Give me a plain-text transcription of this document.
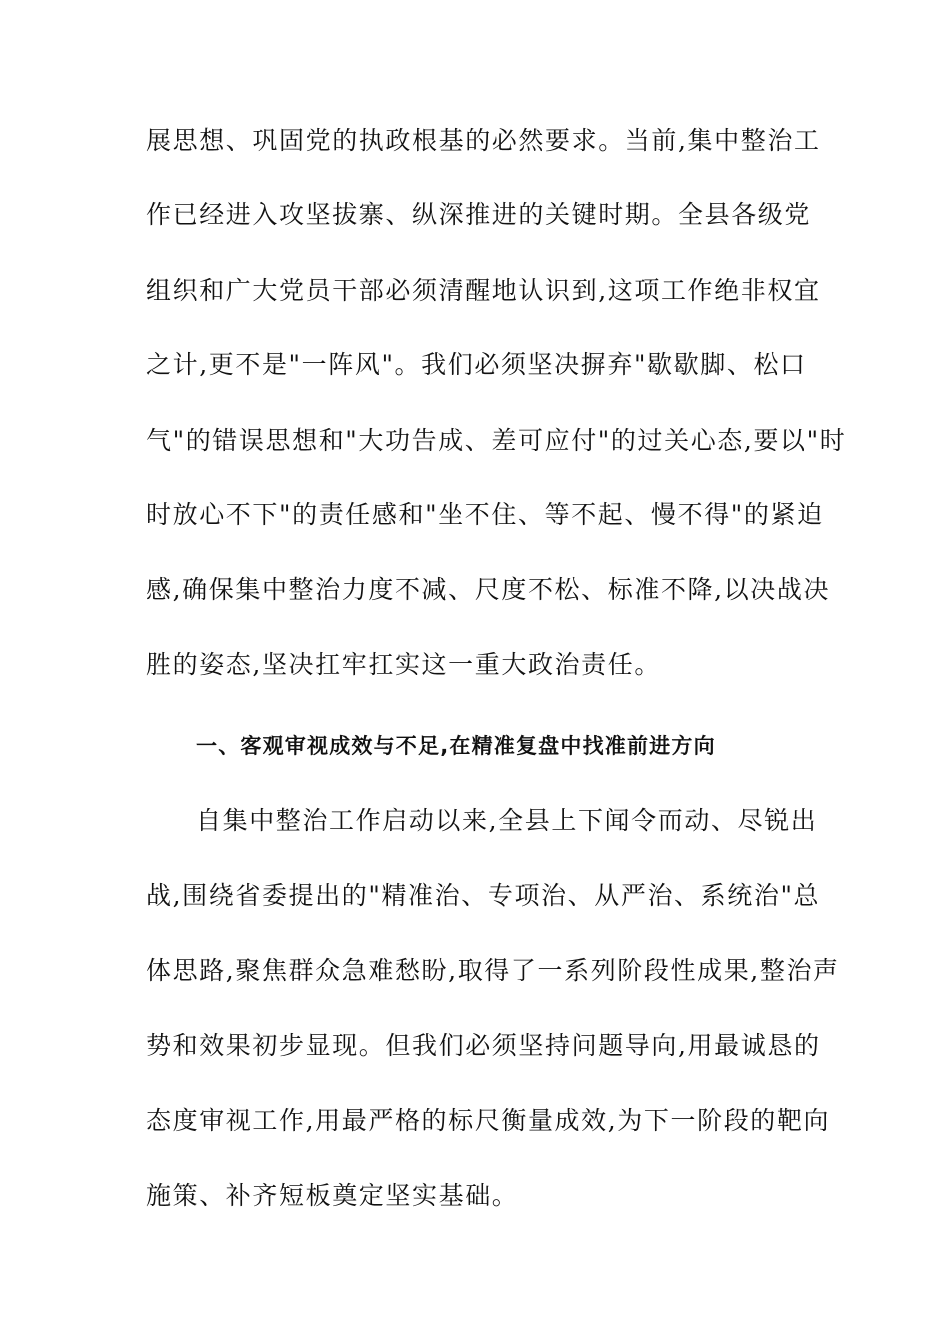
展思想、巩固党的执政根基的必然要求。当前,集中整治工
作已经进入攻坚拔寨、纵深推进的关键时期。全县各级党
组织和广大党员干部必须清醒地认识到,这项工作绝非权宜
之计,更不是"一阵风"。我们必须坚决摒弃"歇歇脚、松口
气"的错误思想和"大功告成、差可应付"的过关心态,要以"时
时放心不下"的责任感和"坐不住、等不起、慢不得"的紧迫
感,确保集中整治力度不减、尺度不松、标准不降,以决战决
胜的姿态,坚决扛牢扛实这一重大政治责任。
一、客观审视成效与不足,在精准复盘中找准前进方向
自集中整治工作启动以来,全县上下闻令而动、尽锐出
战,围绕省委提出的"精准治、专项治、从严治、系统治"总
体思路,聚焦群众急难愁盼,取得了一系列阶段性成果,整治声
势和效果初步显现。但我们必须坚持问题导向,用最诚恳的
态度审视工作,用最严格的标尺衡量成效,为下一阶段的靶向
施策、补齐短板奠定坚实基础。
